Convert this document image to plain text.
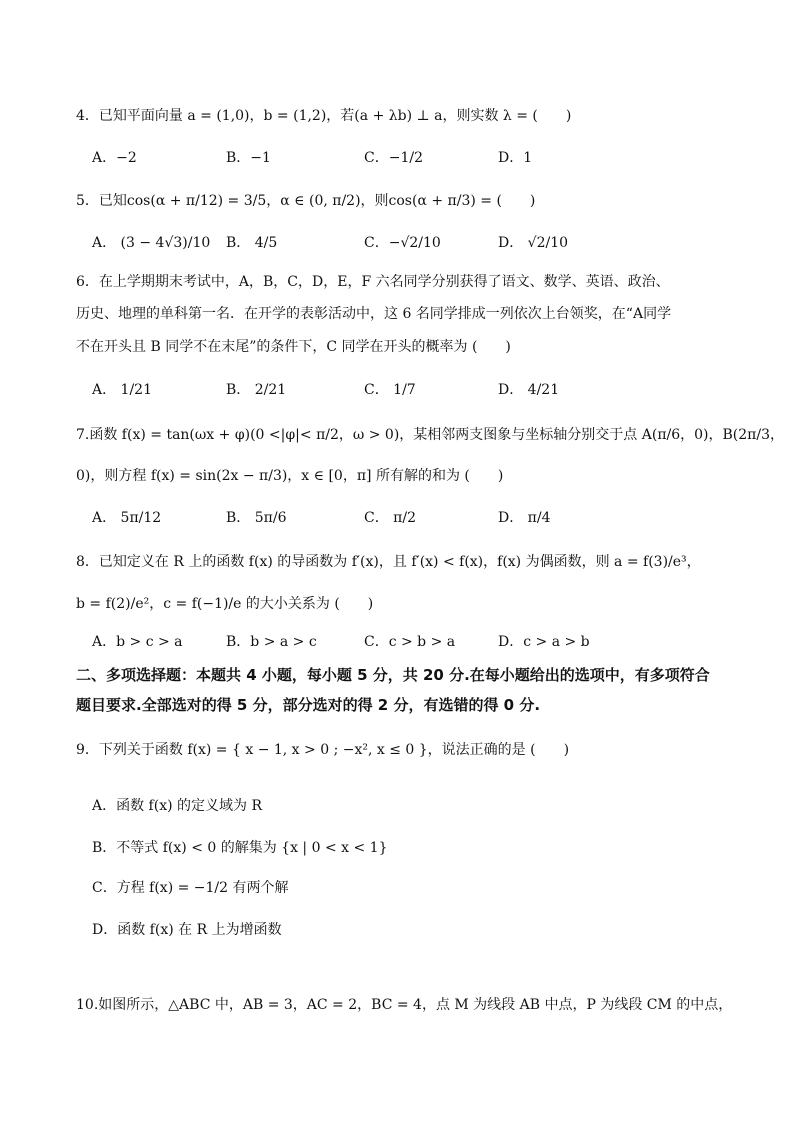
4．已知平面向量 a = (1,0)，b = (1,2)，若(a + λb) ⊥ a，则实数 λ = (　　)
A．−2	B．−1	C．−1/2	D．1
5．已知cos(α + π/12) = 3/5，α ∈ (0, π/2)，则cos(α + π/3) = (　　)
A． (3 − 4√3)/10 B． 4/5	C．−√2/10	D． √2/10
6．在上学期期末考试中，A，B，C，D，E，F 六名同学分别获得了语文、数学、英语、政治、
历史、地理的单科第一名．在开学的表彰活动中，这 6 名同学排成一列依次上台领奖，在“A同学
不在开头且 B 同学不在末尾”的条件下，C 同学在开头的概率为 (　　)
A． 1/21	B． 2/21	C． 1/7	D． 4/21
7.函数 f(x) = tan(ωx + φ)(0 <|φ|< π/2，ω > 0)，某相邻两支图象与坐标轴分别交于点 A(π/6，0)，B(2π/3，
0)，则方程 f(x) = sin(2x − π/3)，x ∈ [0，π] 所有解的和为 (　　)
A． 5π/12	B． 5π/6	C． π/2	D． π/4
8．已知定义在 R 上的函数 f(x) 的导函数为 f′(x)，且 f′(x) < f(x)，f(x) 为偶函数，则 a = f(3)/e³，
b = f(2)/e²，c = f(−1)/e 的大小关系为 (　　)
A．b > c > a	B．b > a > c	C．c > b > a	D．c > a > b
二、多项选择题：本题共 4 小题，每小题 5 分，共 20 分.在每小题给出的选项中，有多项符合
题目要求.全部选对的得 5 分，部分选对的得 2 分，有选错的得 0 分.
9．下列关于函数 f(x) = { x − 1, x > 0 ; −x², x ≤ 0 }，说法正确的是 (　　)
A．函数 f(x) 的定义域为 R
B．不等式 f(x) < 0 的解集为 {x | 0 < x < 1}
C．方程 f(x) = −1/2 有两个解
D．函数 f(x) 在 R 上为增函数
10.如图所示，△ABC 中，AB = 3，AC = 2，BC = 4，点 M 为线段 AB 中点，P 为线段 CM 的中点，
